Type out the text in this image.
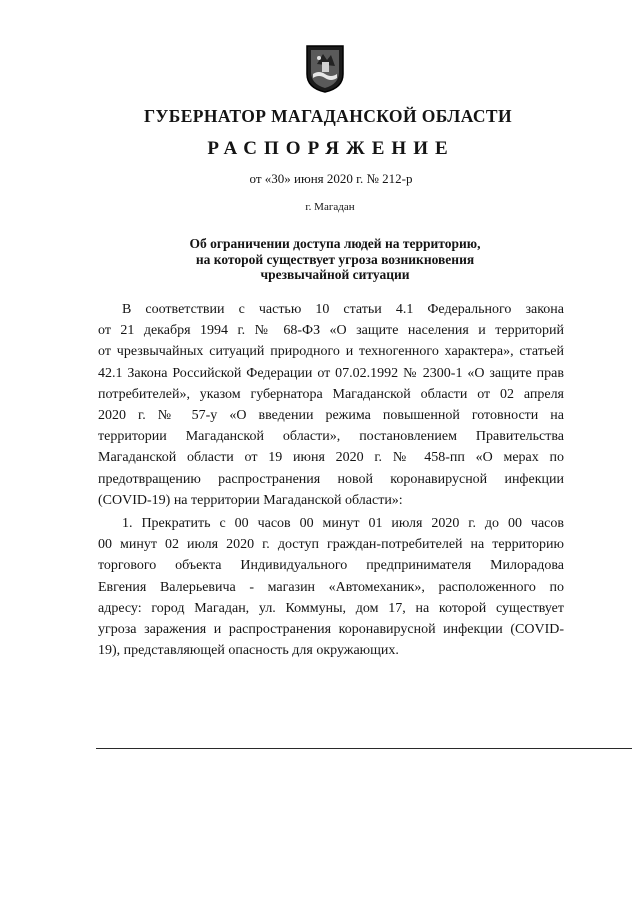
ГУБЕРНАТОР МАГАДАНСКОЙ ОБЛАСТИ
РАСПОРЯЖЕНИЕ
от «30» июня 2020 г. № 212-р
г. Магадан
Об ограничении доступа людей на территорию,
на которой существует угроза возникновения
чрезвычайной ситуации

В соответствии с частью 10 статьи 4.1 Федерального закона
от 21 декабря 1994 г. № 68-ФЗ «О защите населения и территорий
от чрезвычайных ситуаций природного и техногенного характера», статьей
42.1 Закона Российской Федерации от 07.02.1992 № 2300-1 «О защите прав
потребителей», указом губернатора Магаданской области от 02 апреля
2020 г. № 57-у «О введении режима повышенной готовности на
территории Магаданской области», постановлением Правительства
Магаданской области от 19 июня 2020 г. № 458-пп «О мерах по
предотвращению распространения новой коронавирусной инфекции
(COVID-19) на территории Магаданской области»:

1. Прекратить с 00 часов 00 минут 01 июля 2020 г. до 00 часов
00 минут 02 июля 2020 г. доступ граждан-потребителей на территорию
торгового объекта Индивидуального предпринимателя Милорадова
Евгения Валерьевича - магазин «Автомеханик», расположенного по
адресу: город Магадан, ул. Коммуны, дом 17, на которой существует
угроза заражения и распространения коронавирусной инфекции (COVID-
19), представляющей опасность для окружающих.
